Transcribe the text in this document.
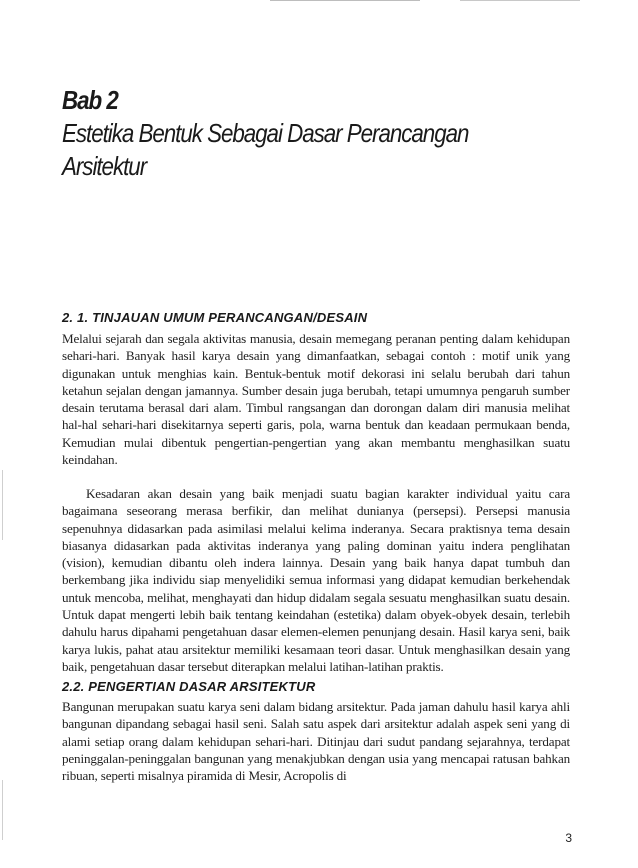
Bab 2Estetika Bentuk Sebagai Dasar Perancangan Arsitektur
2. 1. TINJAUAN UMUM PERANCANGAN/DESAIN

Melalui sejarah dan segala aktivitas manusia, desain memegang peranan penting dalam kehidupan sehari-hari. Banyak hasil karya desain yang dimanfaatkan, sebagai contoh : motif unik yang digunakan untuk menghias kain. Bentuk-bentuk motif dekorasi ini selalu berubah dari tahun ketahun sejalan dengan jamannya. Sumber desain juga berubah, tetapi umumnya pengaruh sumber desain terutama berasal dari alam. Timbul rangsangan dan dorongan dalam diri manusia melihat hal-hal sehari-hari disekitarnya seperti garis, pola, warna bentuk dan keadaan permukaan benda, Kemudian mulai dibentuk pengertian-pengertian yang akan membantu menghasilkan suatu keindahan.

Kesadaran akan desain yang baik menjadi suatu bagian karakter individual yaitu cara bagaimana seseorang merasa berfikir, dan melihat dunianya (persepsi). Persepsi manusia sepenuhnya didasarkan pada asimilasi melalui kelima inderanya. Secara praktisnya tema desain biasanya didasarkan pada aktivitas inderanya yang paling dominan yaitu indera penglihatan (vision), kemudian dibantu oleh indera lainnya. Desain yang baik hanya dapat tumbuh dan berkembang jika individu siap menyelidiki semua informasi yang didapat kemudian berkehendak untuk mencoba, melihat, menghayati dan hidup didalam segala sesuatu menghasilkan suatu desain. Untuk dapat mengerti lebih baik tentang keindahan (estetika) dalam obyek-obyek desain, terlebih dahulu harus dipahami pengetahuan dasar elemen-elemen penunjang desain. Hasil karya seni, baik karya lukis, pahat atau arsitektur memiliki kesamaan teori dasar. Untuk menghasilkan desain yang baik, pengetahuan dasar tersebut diterapkan melalui latihan-latihan praktis.

2.2. PENGERTIAN DASAR ARSITEKTUR

Bangunan merupakan suatu karya seni dalam bidang arsitektur. Pada jaman dahulu hasil karya ahli bangunan dipandang sebagai hasil seni. Salah satu aspek dari arsitektur adalah aspek seni yang di alami setiap orang dalam kehidupan sehari-hari. Ditinjau dari sudut pandang sejarahnya, terdapat peninggalan-peninggalan bangunan yang menakjubkan dengan usia yang mencapai ratusan bahkan ribuan, seperti misalnya piramida di Mesir, Acropolis di

3
